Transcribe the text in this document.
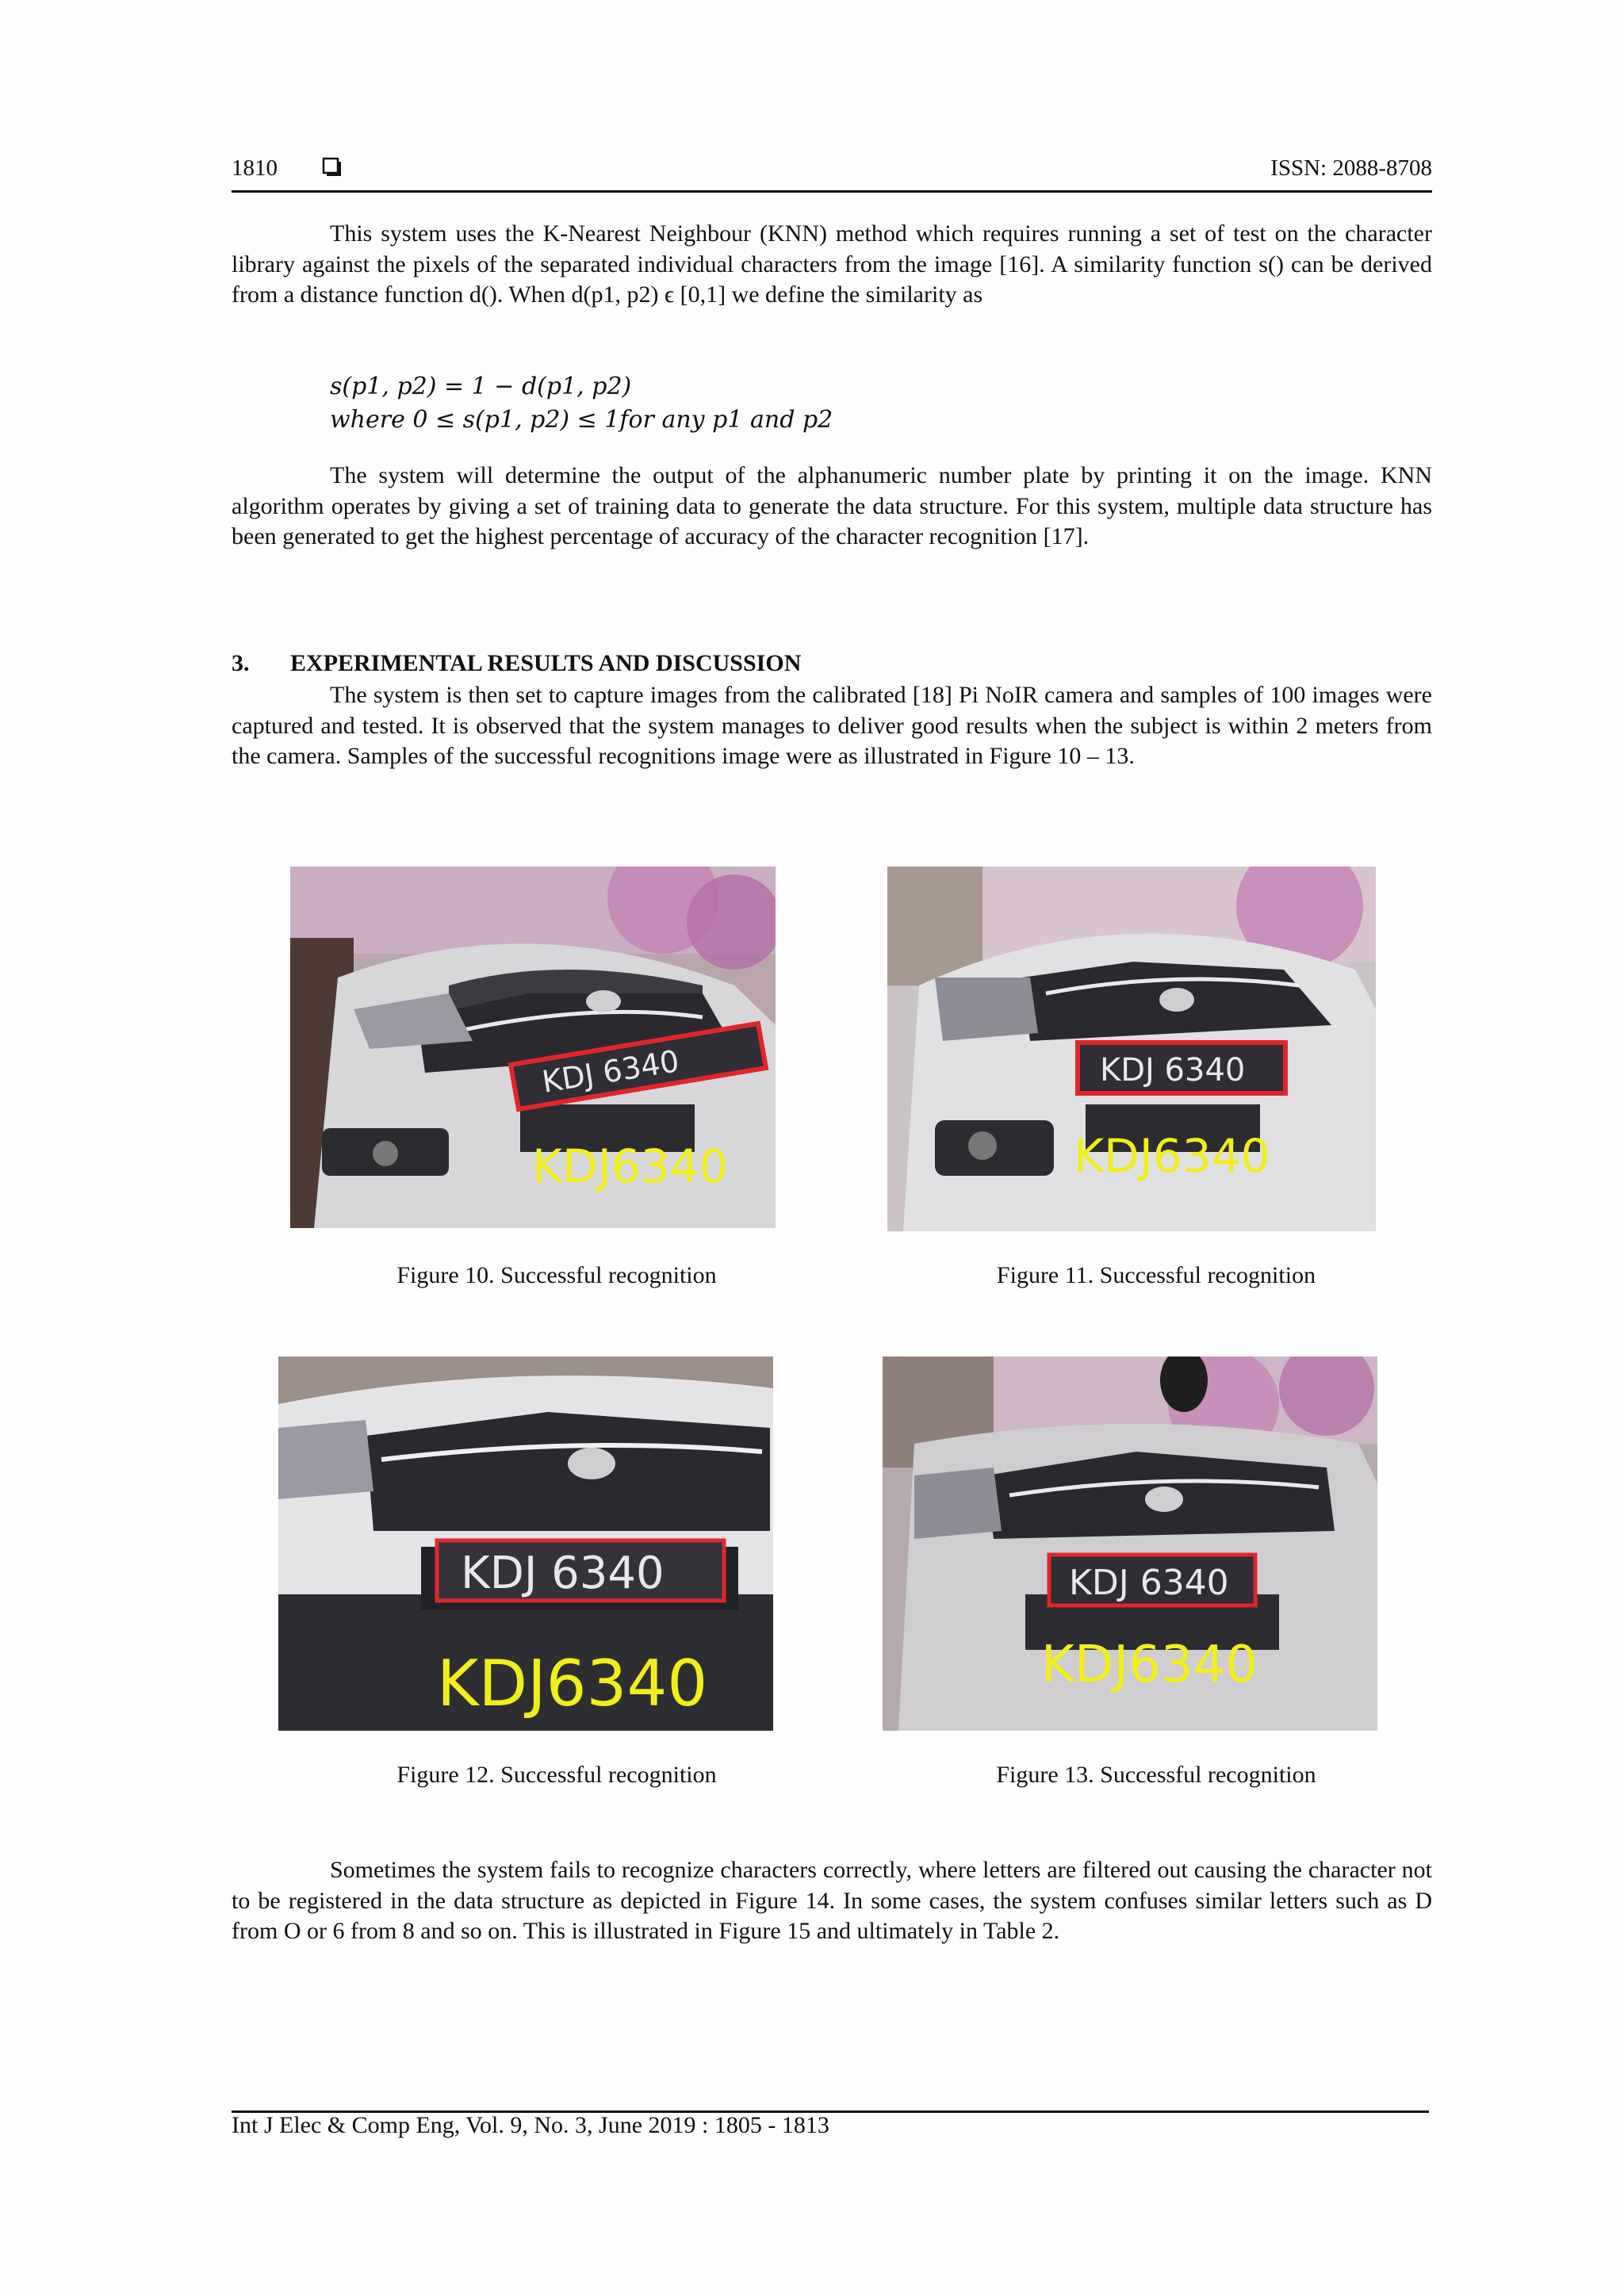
1810	ISSN: 2088-8708

This system uses the K-Nearest Neighbour (KNN) method which requires running a set of test on the character library against the pixels of the separated individual characters from the image [16]. A similarity function s() can be derived from a distance function d(). When d(p1, p2) ϵ [0,1] we define the similarity as

s(p1, p2) = 1 − d(p1, p2)
where 0 ≤ s(p1, p2) ≤ 1for any p1 and p2

The system will determine the output of the alphanumeric number plate by printing it on the image. KNN algorithm operates by giving a set of training data to generate the data structure. For this system, multiple data structure has been generated to get the highest percentage of accuracy of the character recognition [17].

3. EXPERIMENTAL RESULTS AND DISCUSSION

The system is then set to capture images from the calibrated [18] Pi NoIR camera and samples of 100 images were captured and tested. It is observed that the system manages to deliver good results when the subject is within 2 meters from the camera. Samples of the successful recognitions image were as illustrated in Figure 10 – 13.

KDJ 6340
KDJ6340
Figure 10. Successful recognition
KDJ 6340
KDJ6340
Figure 11. Successful recognition
KDJ 6340
KDJ6340
Figure 12. Successful recognition
KDJ 6340
KDJ6340
Figure 13. Successful recognition

Sometimes the system fails to recognize characters correctly, where letters are filtered out causing the character not to be registered in the data structure as depicted in Figure 14. In some cases, the system confuses similar letters such as D from O or 6 from 8 and so on. This is illustrated in Figure 15 and ultimately in Table 2.

Int J Elec & Comp Eng, Vol. 9, No. 3, June 2019 : 1805 - 1813
